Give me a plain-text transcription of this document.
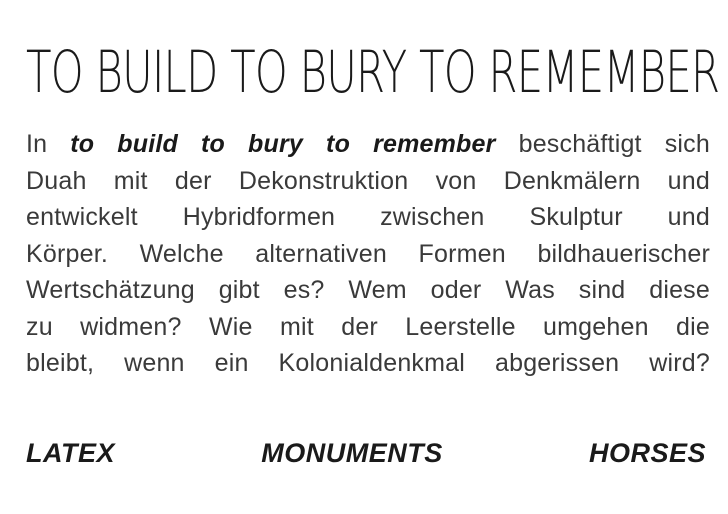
TO BUILD TO BURY TO REMEMBER

In to build to bury to remember beschäftigt sich
Duah mit der Dekonstruktion von Denkmälern und
entwickelt Hybridformen zwischen Skulptur und
Körper. Welche alternativen Formen bildhauerischer
Wertschätzung gibt es? Wem oder Was sind diese
zu widmen? Wie mit der Leerstelle umgehen die
bleibt, wenn ein Kolonialdenkmal abgerissen wird?

LATEX	MONUMENTS	HORSES
